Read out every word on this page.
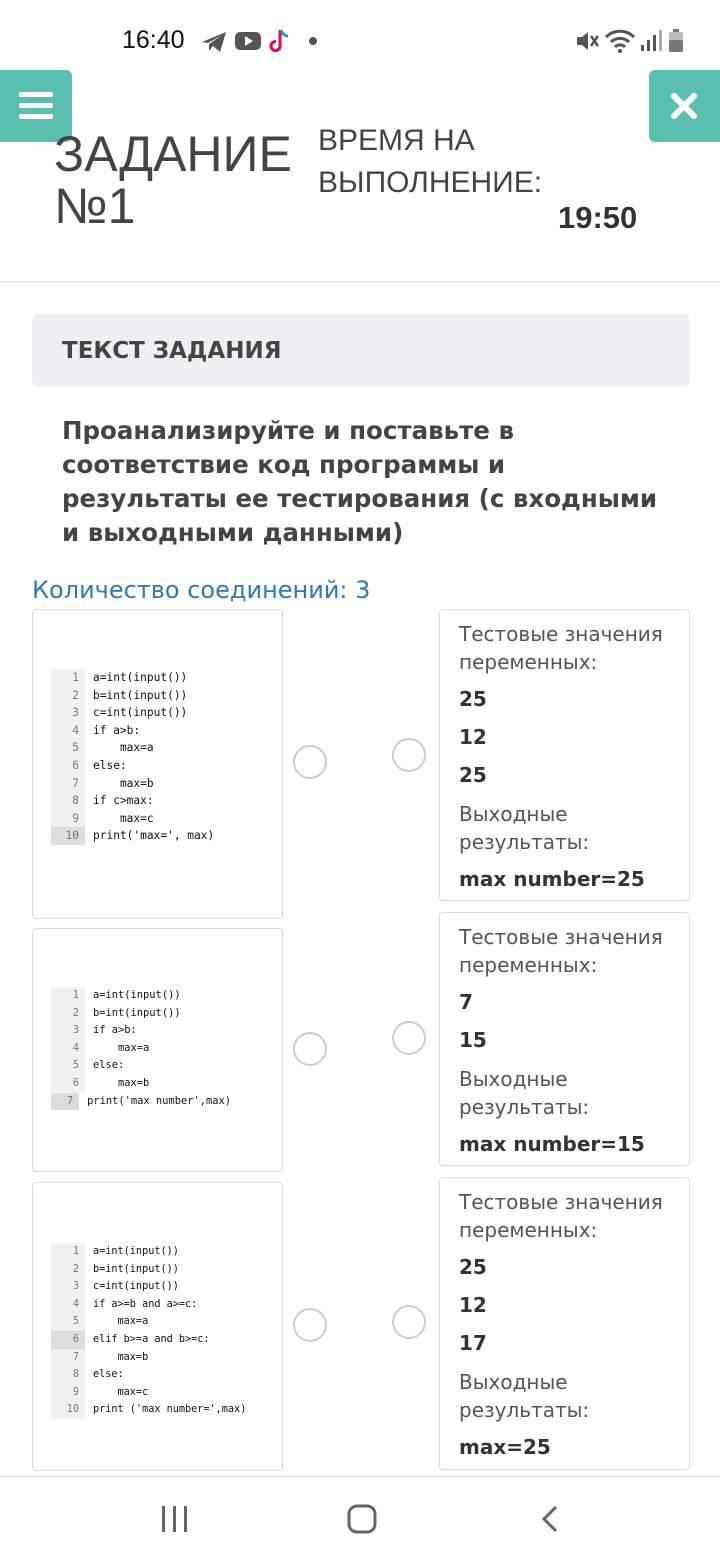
16:40
ЗАДАНИЕ
№1
ВРЕМЯ НА
ВЫПОЛНЕНИЕ:
19:50
ТЕКСТ ЗАДАНИЯ
Проанализируйте и поставьте в соответствие код программы и результаты ее тестирования (с входными и выходными данными)
Количество соединений: 3
1	a=int(input())
2	b=int(input())
3	c=int(input())
4	if a>b:
5	max=a
6	else:
7	max=b
8	if c>max:
9	max=c
10	print('max=', max)
1	a=int(input())
2	b=int(input())
3	if a>b:
4	max=a
5	else:
6	max=b
7	print('max number',max)
1	a=int(input())
2	b=int(input())
3	c=int(input())
4	if a>=b and a>=c:
5	max=a
6	elif b>=a and b>=c:
7	max=b
8	else:
9	max=c
10	print ('max number=',max)
Тестовые значения переменных:
25
12
25
Выходные результаты:
max number=25
Тестовые значения переменных:
7
15
Выходные результаты:
max number=15
Тестовые значения переменных:
25
12
17
Выходные результаты:
max=25
